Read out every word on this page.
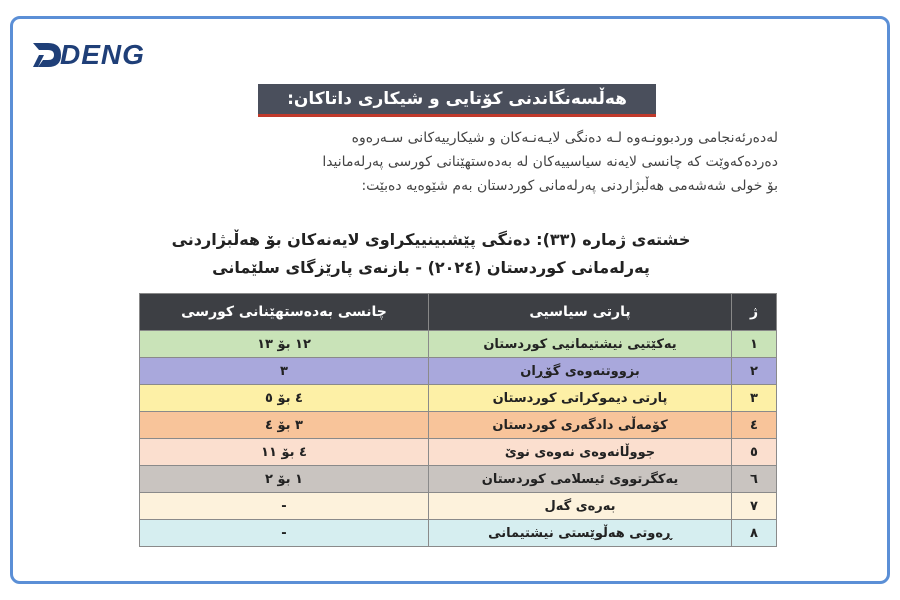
DENG
هەڵسەنگاندنی کۆتایی و شیکاری داتاکان:
لەدەرئەنجامی وردبوونـەوە لـە دەنگی لایـەنـەکان و شیکارییەکانی سـەرەوە
دەردەکەوێت کە چانسی لایەنە سیاسییەکان لە بەدەستهێنانی کورسی پەرلەمانیدا
بۆ خولی شەشەمی هەڵبژاردنی پەرلەمانی کوردستان بەم شێوەیە دەبێت:
خشتەی ژمارە (٣٣): دەنگی پێشبینییکراوی لایەنەکان بۆ هەڵبژاردنی
پەرلەمانی کوردستان (٢٠٢٤) - بازنەی پارێزگای سلێمانی
ژ	پارتی سیاسیی	چانسی بەدەستهێنانی کورسی
١	یەکێتیی نیشتیمانیی کوردستان	١٢ بۆ ١٣
٢	بزووتنەوەی گۆڕان	٣
٣	پارتی دیموکراتی کوردستان	٤ بۆ ٥
٤	کۆمەڵی دادگەری کوردستان	٣ بۆ ٤
٥	جووڵانەوەی نەوەی نوێ	٤ بۆ ١١
٦	یەکگرتووی ئیسلامی کوردستان	١ بۆ ٢
٧	بەرەی گەل	-
٨	ڕەوتی هەڵوێستی نیشتیمانی	-
